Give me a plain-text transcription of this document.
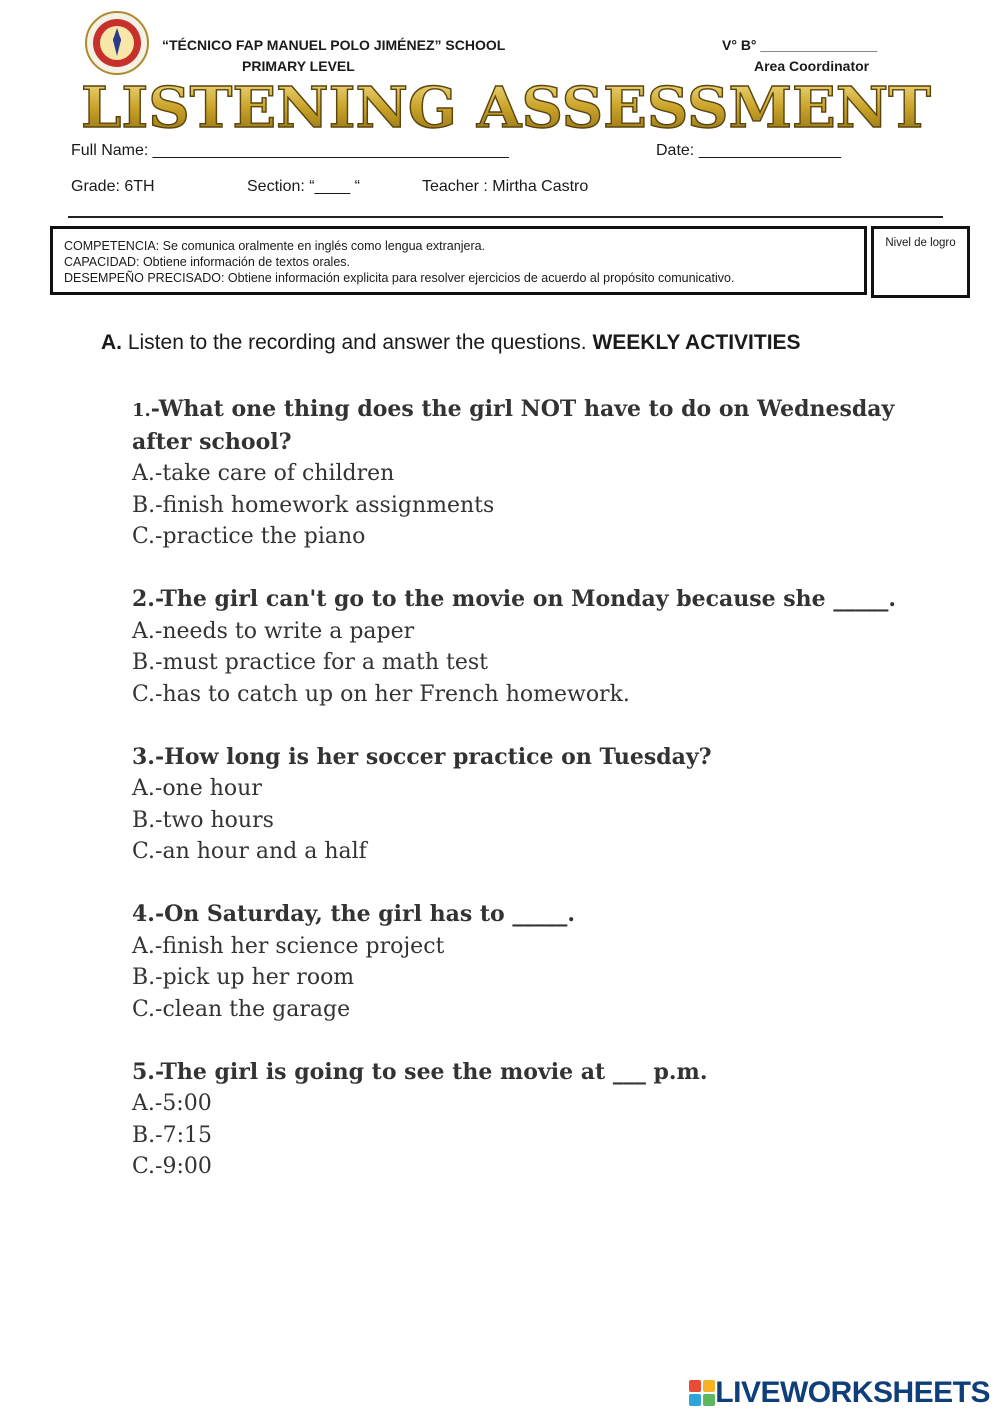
“TÉCNICO FAP MANUEL POLO JIMÉNEZ” SCHOOL
PRIMARY LEVEL
V° B° _______________
Area Coordinator
LISTENING ASSESSMENT
Full Name: ________________________________________	Date: ________________
Grade: 6TH	Section: “____ “	Teacher : Mirtha Castro
COMPETENCIA: Se comunica oralmente en inglés como lengua extranjera.
CAPACIDAD: Obtiene información de textos orales.
DESEMPEÑO PRECISADO: Obtiene información explicita para resolver ejercicios de acuerdo al propósito comunicativo.
Nivel de logro
A. Listen to the recording and answer the questions. WEEKLY ACTIVITIES
1.-What one thing does the girl NOT have to do on Wednesday after school?
A.-take care of children
B.-finish homework assignments
C.-practice the piano
2.-The girl can't go to the movie on Monday because she _____.
A.-needs to write a paper
B.-must practice for a math test
C.-has to catch up on her French homework.
3.-How long is her soccer practice on Tuesday?
A.-one hour
B.-two hours
C.-an hour and a half
4.-On Saturday, the girl has to _____.
A.-finish her science project
B.-pick up her room
C.-clean the garage
5.-The girl is going to see the movie at ___ p.m.
A.-5:00
B.-7:15
C.-9:00
LIVEWORKSHEETS
